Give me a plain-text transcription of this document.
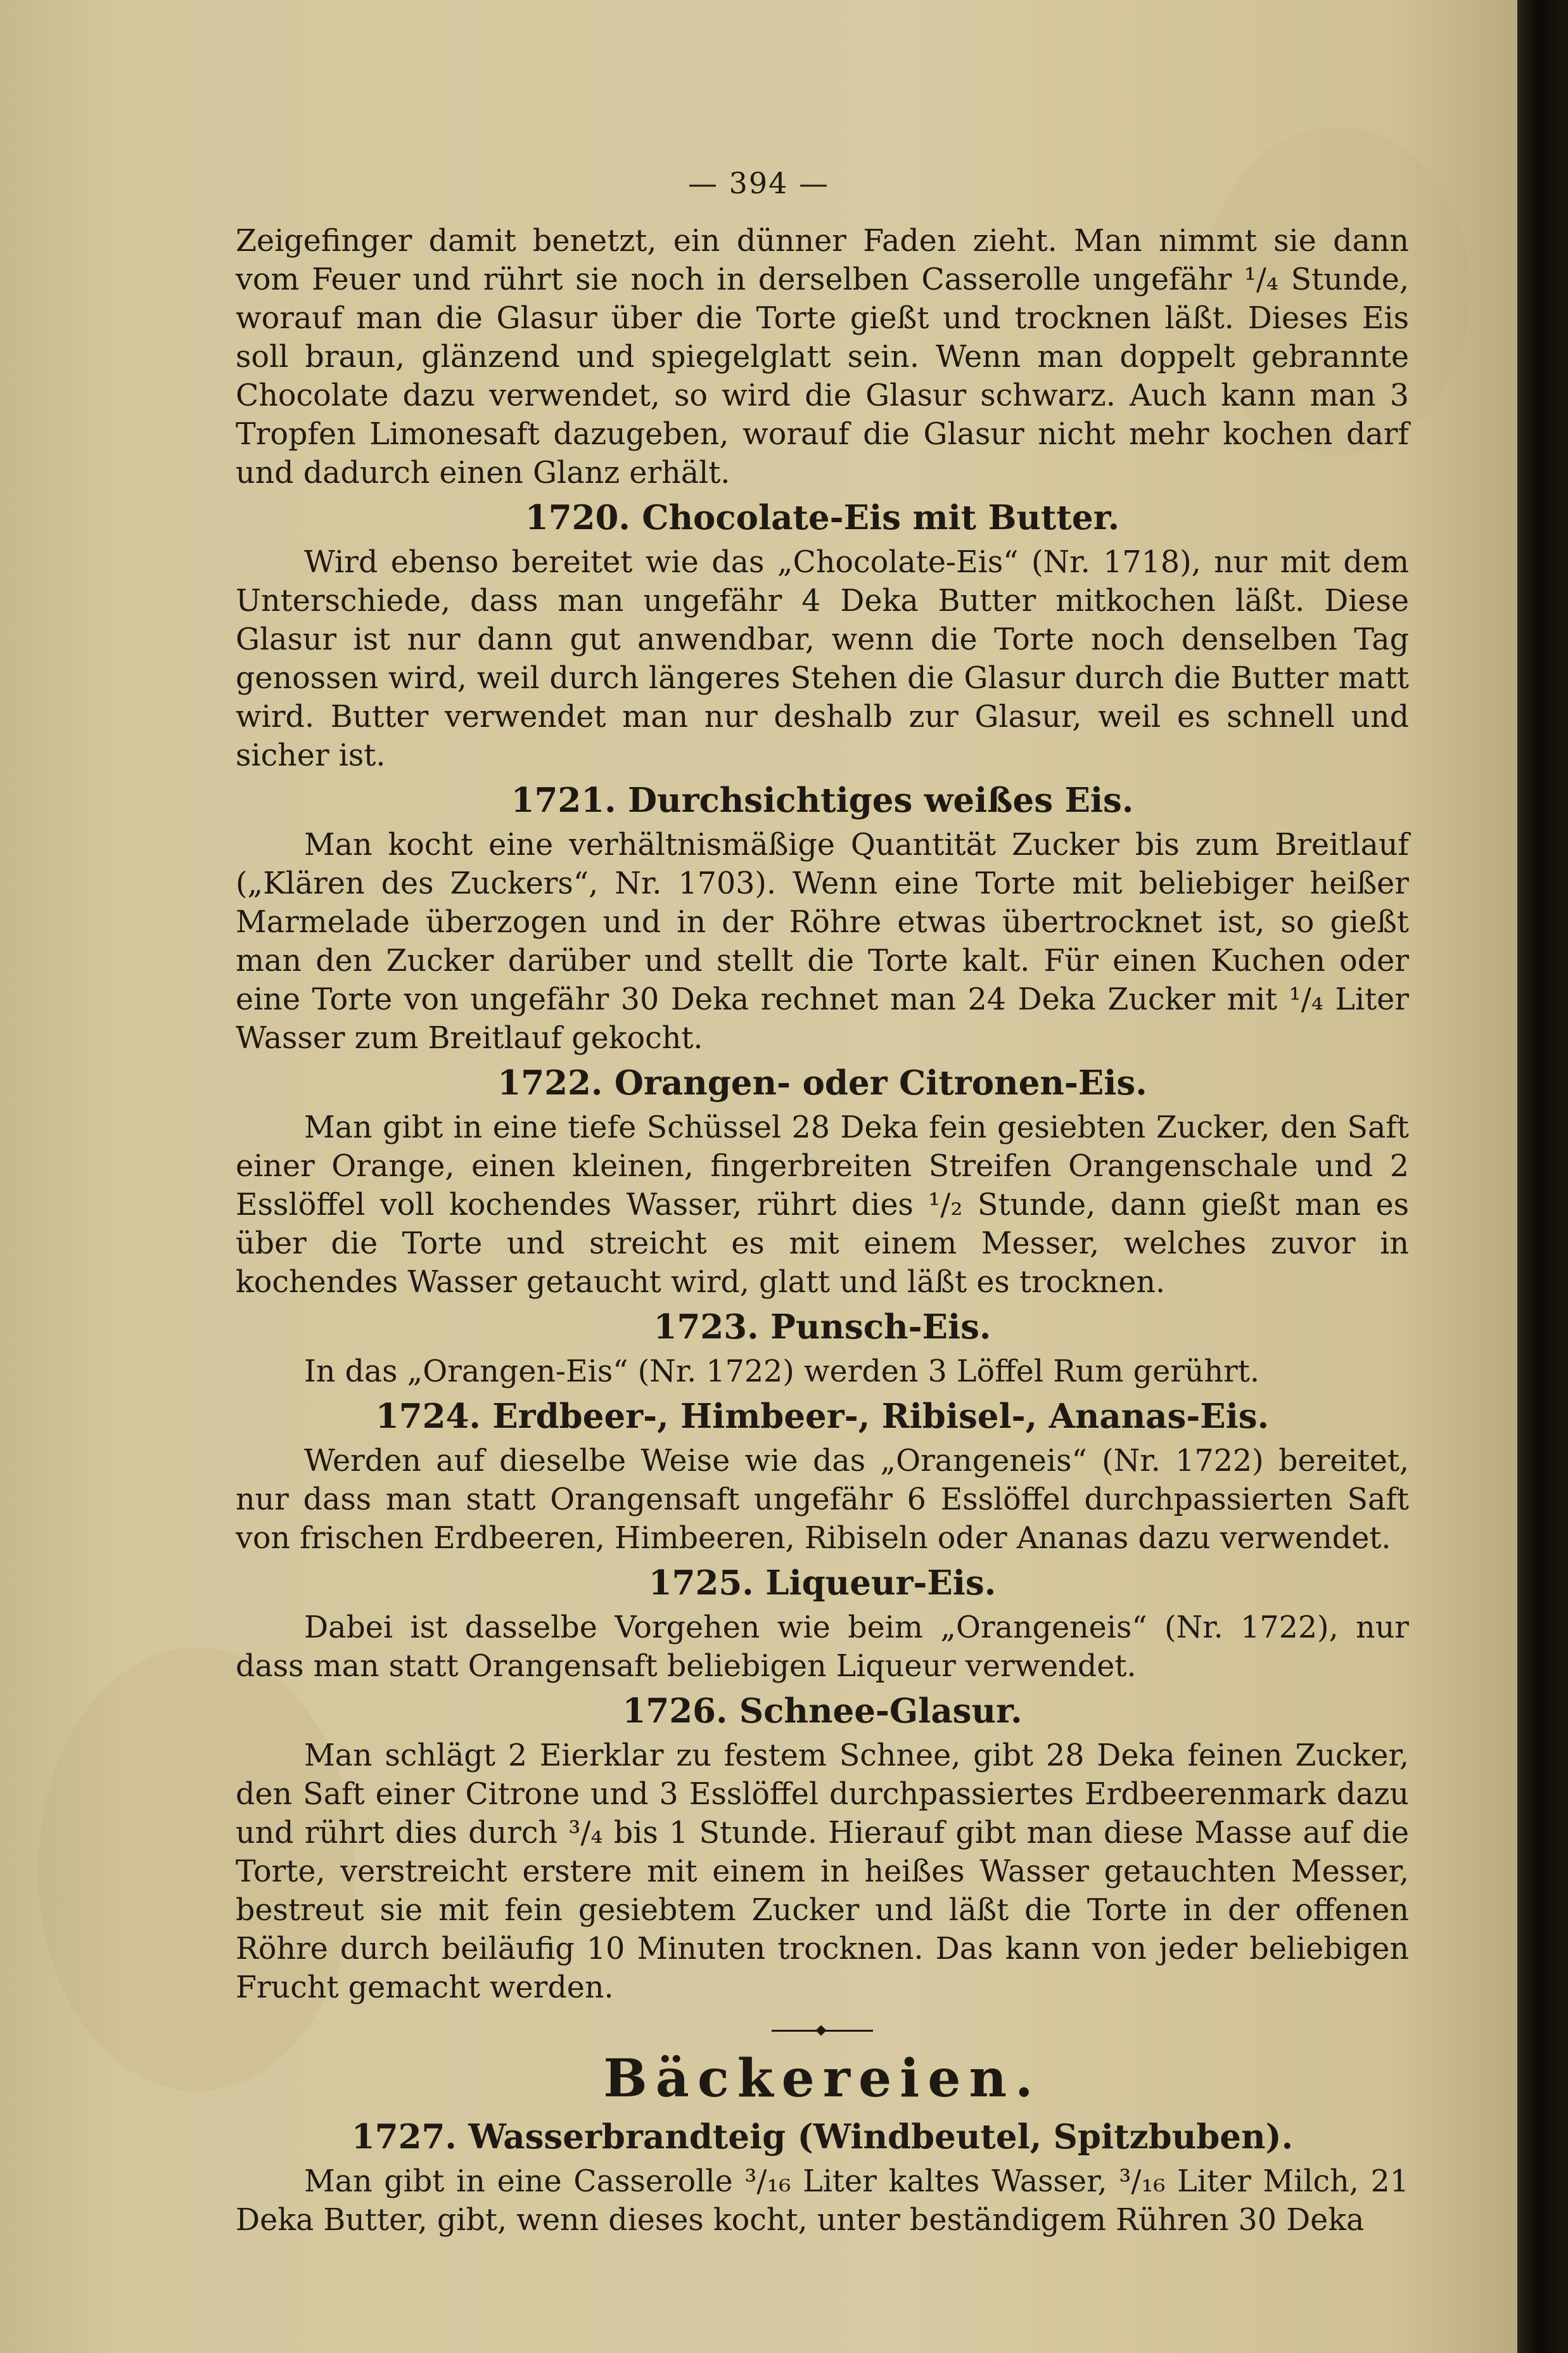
— 394 —

Zeigefinger damit benetzt, ein dünner Faden zieht. Man nimmt sie dann vom Feuer und rührt sie noch in derselben Casserolle ungefähr ¹/₄ Stunde, worauf man die Glasur über die Torte gießt und trocknen läßt. Dieses Eis soll braun, glänzend und spiegelglatt sein. Wenn man doppelt gebrannte Chocolate dazu verwendet, so wird die Glasur schwarz. Auch kann man 3 Tropfen Limonesaft dazugeben, worauf die Glasur nicht mehr kochen darf und dadurch einen Glanz erhält.

1720. Chocolate-Eis mit Butter.

Wird ebenso bereitet wie das „Chocolate-Eis“ (Nr. 1718), nur mit dem Unterschiede, dass man ungefähr 4 Deka Butter mitkochen läßt. Diese Glasur ist nur dann gut anwendbar, wenn die Torte noch denselben Tag genossen wird, weil durch längeres Stehen die Glasur durch die Butter matt wird. Butter verwendet man nur deshalb zur Glasur, weil es schnell und sicher ist.

1721. Durchsichtiges weißes Eis.

Man kocht eine verhältnismäßige Quantität Zucker bis zum Breitlauf („Klären des Zuckers“, Nr. 1703). Wenn eine Torte mit beliebiger heißer Marmelade überzogen und in der Röhre etwas übertrocknet ist, so gießt man den Zucker darüber und stellt die Torte kalt. Für einen Kuchen oder eine Torte von ungefähr 30 Deka rechnet man 24 Deka Zucker mit ¹/₄ Liter Wasser zum Breitlauf gekocht.

1722. Orangen- oder Citronen-Eis.

Man gibt in eine tiefe Schüssel 28 Deka fein gesiebten Zucker, den Saft einer Orange, einen kleinen, fingerbreiten Streifen Orangenschale und 2 Esslöffel voll kochendes Wasser, rührt dies ¹/₂ Stunde, dann gießt man es über die Torte und streicht es mit einem Messer, welches zuvor in kochendes Wasser getaucht wird, glatt und läßt es trocknen.

1723. Punsch-Eis.

In das „Orangen-Eis“ (Nr. 1722) werden 3 Löffel Rum gerührt.

1724. Erdbeer-, Himbeer-, Ribisel-, Ananas-Eis.

Werden auf dieselbe Weise wie das „Orangeneis“ (Nr. 1722) bereitet, nur dass man statt Orangensaft ungefähr 6 Esslöffel durchpassierten Saft von frischen Erdbeeren, Himbeeren, Ribiseln oder Ananas dazu verwendet.

1725. Liqueur-Eis.

Dabei ist dasselbe Vorgehen wie beim „Orangeneis“ (Nr. 1722), nur dass man statt Orangensaft beliebigen Liqueur verwendet.

1726. Schnee-Glasur.

Man schlägt 2 Eierklar zu festem Schnee, gibt 28 Deka feinen Zucker, den Saft einer Citrone und 3 Esslöffel durchpassiertes Erdbeerenmark dazu und rührt dies durch ³/₄ bis 1 Stunde. Hierauf gibt man diese Masse auf die Torte, verstreicht erstere mit einem in heißes Wasser getauchten Messer, bestreut sie mit fein gesiebtem Zucker und läßt die Torte in der offenen Röhre durch beiläufig 10 Minuten trocknen. Das kann von jeder beliebigen Frucht gemacht werden.

Bäckereien.
1727. Wasserbrandteig (Windbeutel, Spitzbuben).

Man gibt in eine Casserolle ³/₁₆ Liter kaltes Wasser, ³/₁₆ Liter Milch, 21 Deka Butter, gibt, wenn dieses kocht, unter beständigem Rühren 30 Deka
